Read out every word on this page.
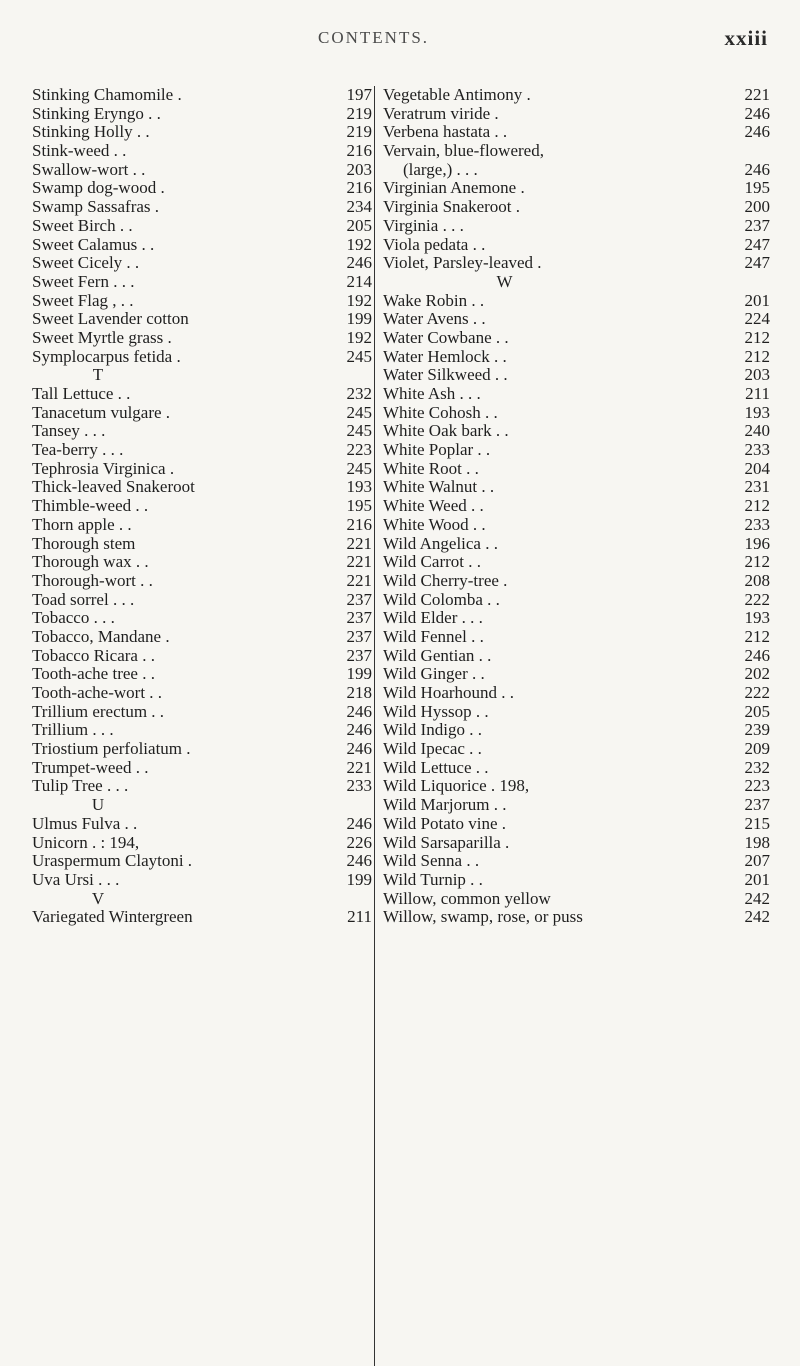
CONTENTS.	xxiii
Stinking Chamomile .	197
Stinking Eryngo . .	219
Stinking Holly . .	219
Stink-weed . .	216
Swallow-wort . .	203
Swamp dog-wood .	216
Swamp Sassafras .	234
Sweet Birch . .	205
Sweet Calamus . .	192
Sweet Cicely . .	246
Sweet Fern . . .	214
Sweet Flag , . .	192
Sweet Lavender cotton	199
Sweet Myrtle grass .	192
Symplocarpus fetida .	245
T
Tall Lettuce . .	232
Tanacetum vulgare .	245
Tansey . . .	245
Tea-berry . . .	223
Tephrosia Virginica .	245
Thick-leaved Snakeroot	193
Thimble-weed . .	195
Thorn apple . .	216
Thorough stem	221
Thorough wax . .	221
Thorough-wort . .	221
Toad sorrel . . .	237
Tobacco . . .	237
Tobacco, Mandane .	237
Tobacco Ricara . .	237
Tooth-ache tree . .	199
Tooth-ache-wort . .	218
Trillium erectum . .	246
Trillium . . .	246
Triostium perfoliatum .	246
Trumpet-weed . .	221
Tulip Tree . . .	233
U
Ulmus Fulva . .	246
Unicorn . : 194,	226
Uraspermum Claytoni .	246
Uva Ursi . . .	199
V
Variegated Wintergreen	211
Vegetable Antimony .	221
Veratrum viride .	246
Verbena hastata . .	246
Vervain, blue-flowered,
(large,) . . .	246
Virginian Anemone .	195
Virginia Snakeroot .	200
Virginia . . .	237
Viola pedata . .	247
Violet, Parsley-leaved .	247
W
Wake Robin . .	201
Water Avens . .	224
Water Cowbane . .	212
Water Hemlock . .	212
Water Silkweed . .	203
White Ash . . .	211
White Cohosh . .	193
White Oak bark . .	240
White Poplar . .	233
White Root . .	204
White Walnut . .	231
White Weed . .	212
White Wood . .	233
Wild Angelica . .	196
Wild Carrot . .	212
Wild Cherry-tree .	208
Wild Colomba . .	222
Wild Elder . . .	193
Wild Fennel . .	212
Wild Gentian . .	246
Wild Ginger . .	202
Wild Hoarhound . .	222
Wild Hyssop . .	205
Wild Indigo . .	239
Wild Ipecac . .	209
Wild Lettuce . .	232
Wild Liquorice . 198,	223
Wild Marjorum . .	237
Wild Potato vine .	215
Wild Sarsaparilla .	198
Wild Senna . .	207
Wild Turnip . .	201
Willow, common yellow	242
Willow, swamp, rose, or puss	242
